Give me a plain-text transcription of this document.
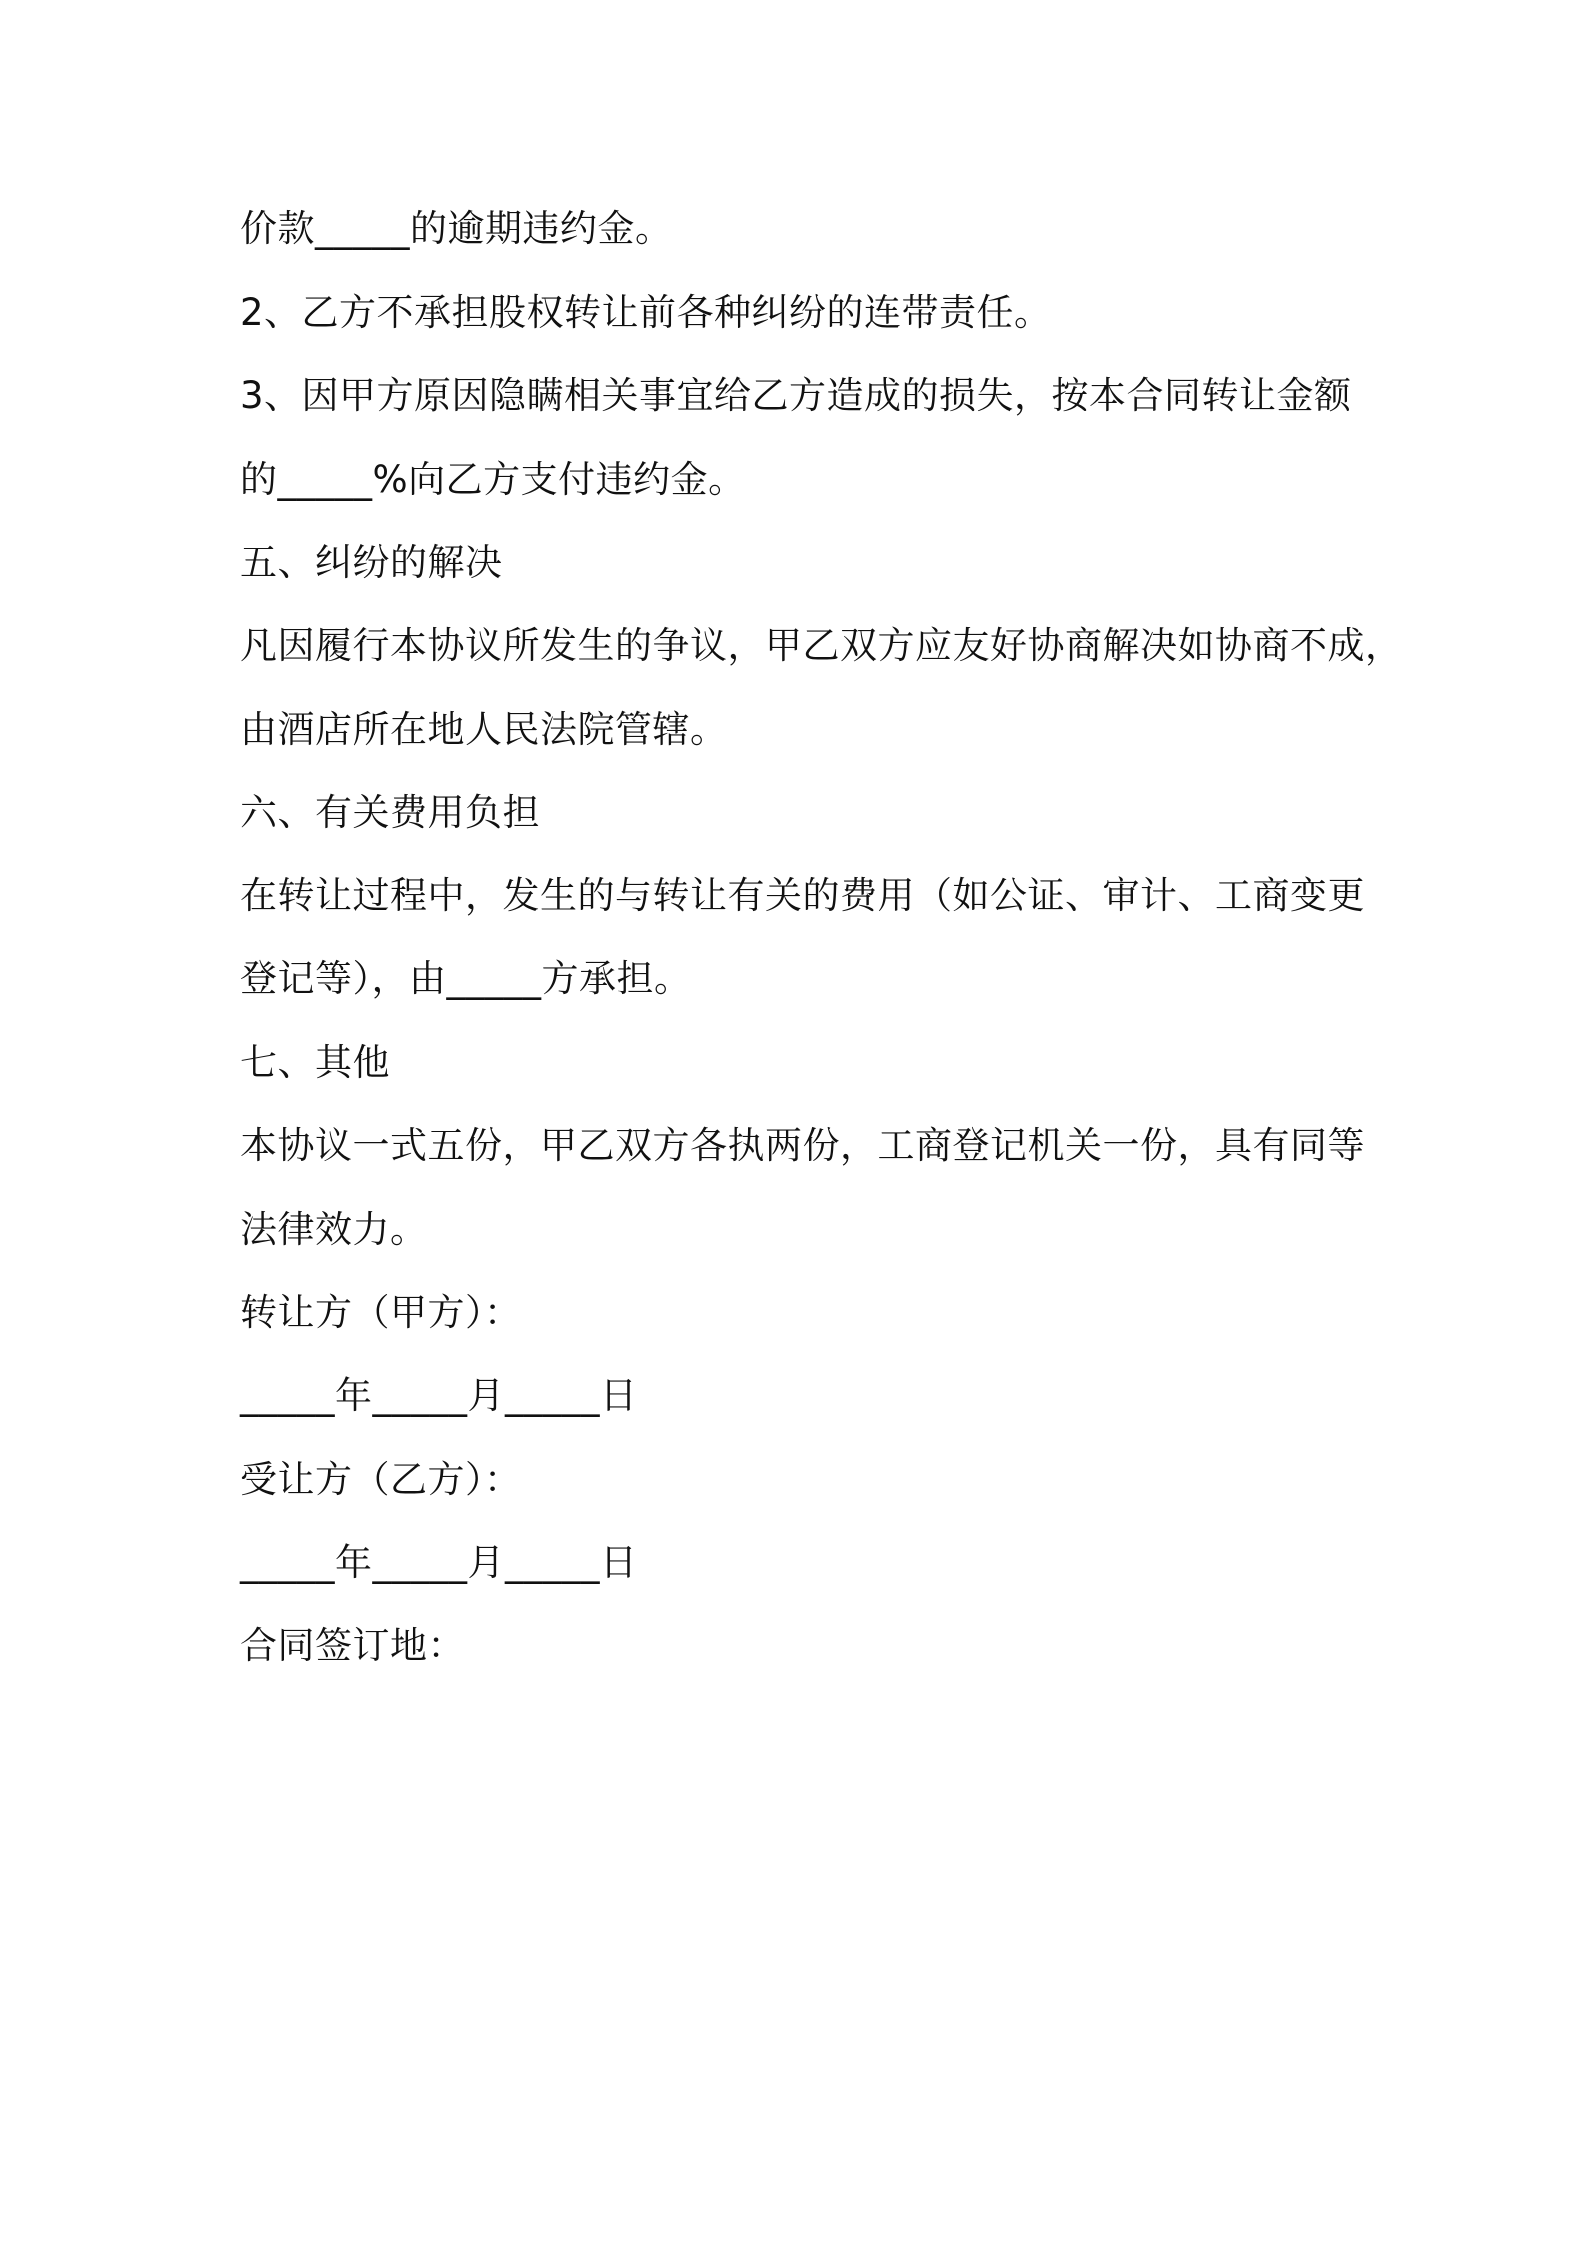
价款_____的逾期违约金。
2、乙方不承担股权转让前各种纠纷的连带责任。
3、因甲方原因隐瞒相关事宜给乙方造成的损失，按本合同转让金额
的_____%向乙方支付违约金。
五、纠纷的解决
凡因履行本协议所发生的争议，甲乙双方应友好协商解决如协商不成，
由酒店所在地人民法院管辖。
六、有关费用负担
在转让过程中，发生的与转让有关的费用（如公证、审计、工商变更
登记等），由_____方承担。
七、其他
本协议一式五份，甲乙双方各执两份，工商登记机关一份，具有同等
法律效力。
转让方（甲方）：
_____年_____月_____日
受让方（乙方）：
_____年_____月_____日
合同签订地：
